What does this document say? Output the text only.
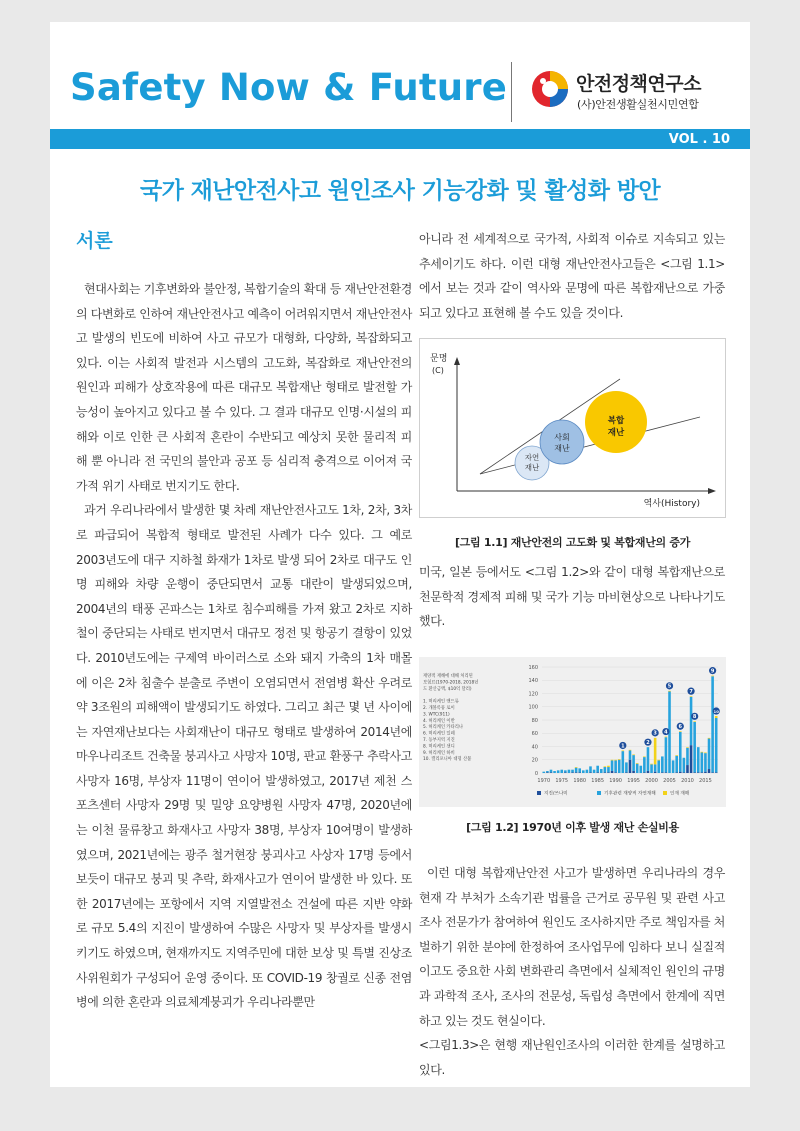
Safety Now & Future	안전정책연구소
(사)안전생활실천시민연합
VOL . 10
국가 재난안전사고 원인조사 기능강화 및 활성화 방안
서론

현대사회는 기후변화와 불안정, 복합기술의 확대 등 재난안전환경의 다변화로 인하여 재난안전사고 예측이 어려워지면서 재난안전사고 발생의 빈도에 비하여 사고 규모가 대형화, 다양화, 복잡화되고 있다. 이는 사회적 발전과 시스템의 고도화, 복잡화로 재난안전의 원인과 피해가 상호작용에 따른 대규모 복합재난 형태로 발전할 가능성이 높아지고 있다고 볼 수 있다. 그 결과 대규모 인명·시설의 피해와 이로 인한 큰 사회적 혼란이 수반되고 예상치 못한 물리적 피해 뿐 아니라 전 국민의 불안과 공포 등 심리적 충격으로 이어져 국가적 위기 사태로 번지기도 한다.

과거 우리나라에서 발생한 몇 차례 재난안전사고도 1차, 2차, 3차로 파급되어 복합적 형태로 발전된 사례가 다수 있다. 그 예로 2003년도에 대구 지하철 화재가 1차로 발생 되어 2차로 대구도 인명 피해와 차량 운행이 중단되면서 교통 대란이 발생되었으며, 2004년의 태풍 곤파스는 1차로 침수피해를 가져 왔고 2차로 지하철이 중단되는 사태로 번지면서 대규모 정전 및 항공기 결항이 있었다. 2010년도에는 구제역 바이러스로 소와 돼지 가축의 1차 매몰에 이은 2차 침출수 분출로 주변이 오염되면서 전염병 확산 우려로 약 3조원의 피해액이 발생되기도 하였다. 그리고 최근 몇 년 사이에는 자연재난보다는 사회재난이 대규모 형태로 발생하여 2014년에 마우나리조트 건축물 붕괴사고 사망자 10명, 판교 환풍구 추락사고 사망자 16명, 부상자 11명이 연이어 발생하였고, 2017년 제천 스포츠센터 사망자 29명 및 밀양 요양병원 사망자 47명, 2020년에는 이천 물류창고 화재사고 사망자 38명, 부상자 10여명이 발생하였으며, 2021년에는 광주 철거현장 붕괴사고 사상자 17명 등에서 보듯이 대규모 붕괴 및 추락, 화재사고가 연이어 발생한 바 있다. 또한 2017년에는 포항에서 지역 지열발전소 건설에 따른 지반 약화로 규모 5.4의 지진이 발생하여 수많은 사망자 및 부상자를 발생시키기도 하였으며, 현재까지도 지역주민에 대한 보상 및 특별 진상조사위원회가 구성되어 운영 중이다. 또 COVID-19 창궐로 신종 전염병에 의한 혼란과 의료체계붕괴가 우리나라뿐만

아니라 전 세계적으로 국가적, 사회적 이슈로 지속되고 있는 추세이기도 하다. 이런 대형 재난안전사고들은 <그림 1.1>에서 보는 것과 같이 역사와 문명에 따른 복합재난으로 가중되고 있다고 표현해 볼 수도 있을 것이다.
문명
(C)
자연
재난
사회
재난
복합
재난
역사(History)
[그림 1.1] 재난안전의 고도화 및 복합재난의 증가
미국, 일본 등에서도 <그림 1.2>와 같이 대형 복합재난으로 천문학적 경제적 피해 및 국가 기능 마비현상으로 나타나기도 했다.
재양적 재해에 대해 처리된
보험료(1970-2018, 2018년
도 환산금액, $10억 달러)
1. 허리케인 앤드류
2. 개볼룩풍 로이
3. WTC(911)
4. 허리케인 이반
5. 허리케인 카타리나
6. 허리케인 일레
7. 동부지역 지진
8. 허리케인 샌디
9. 허리케인 하비
10. 캘리포니아 대형 산불
0
20
40
60
80
100
120
140
160
1970 1975 1980 1985 1990 1995 2000 2005 2010 2015
1
2
3 4
5
6
7
8
9
10
지진/쓰나미	기후관련 재양적 자연재해	인재 재해
[그림 1.2] 1970년 이후 발생 재난 손실비용

이런 대형 복합재난안전 사고가 발생하면 우리나라의 경우 현재 각 부처가 소속기관 법률을 근거로 공무원 및 관련 사고조사 전문가가 참여하여 원인도 조사하지만 주로 책임자를 처벌하기 위한 분야에 한정하여 조사업무에 임하다 보니 실질적이고도 중요한 사회 변화관리 측면에서 실체적인 원인의 규명과 과학적 조사, 조사의 전문성, 독립성 측면에서 한계에 직면하고 있는 것도 현실이다.

<그림1.3>은 현행 재난원인조사의 이러한 한계를 설명하고 있다.
